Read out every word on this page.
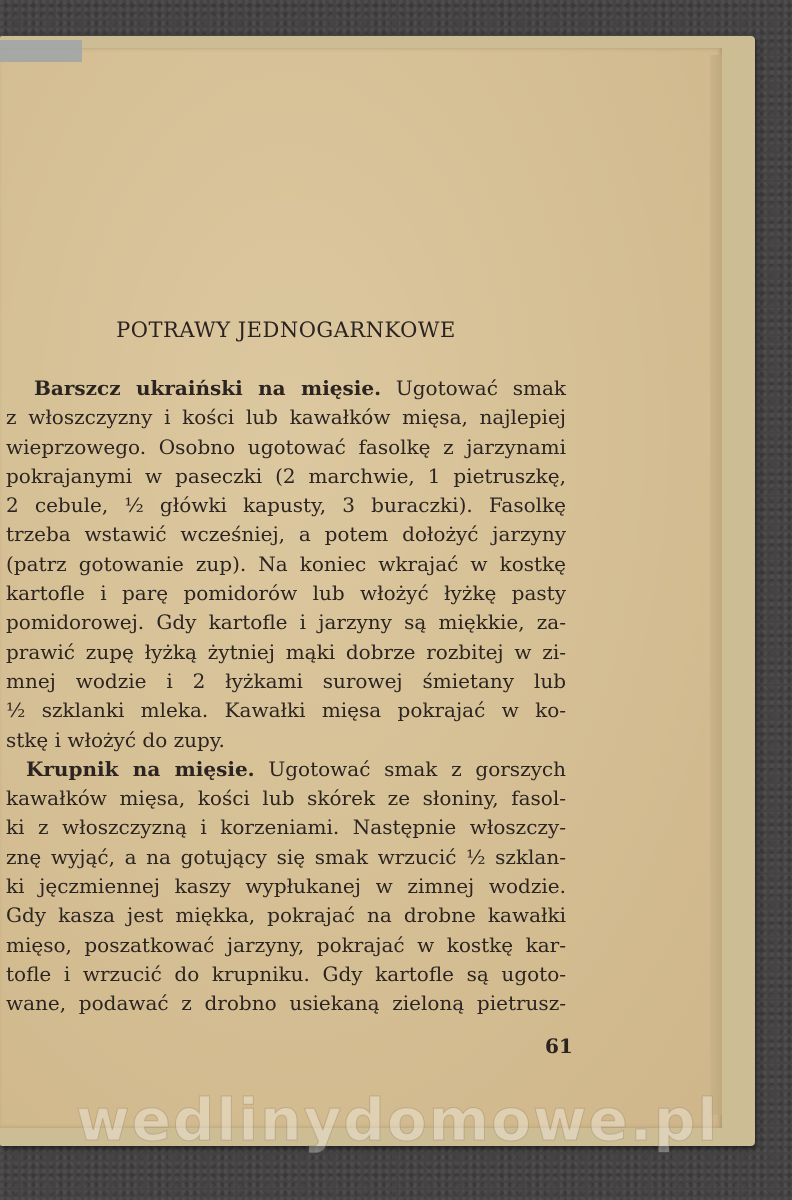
POTRAWY JEDNOGARNKOWE
Barszcz ukraiński na mięsie. Ugotować smak
z włoszczyzny i kości lub kawałków mięsa, najlepiej
wieprzowego. Osobno ugotować fasolkę z jarzynami
pokrajanymi w paseczki (2 marchwie, 1 pietruszkę,
2 cebule, ½ główki kapusty, 3 buraczki). Fasolkę
trzeba wstawić wcześniej, a potem dołożyć jarzyny
(patrz gotowanie zup). Na koniec wkrajać w kostkę
kartofle i parę pomidorów lub włożyć łyżkę pasty
pomidorowej. Gdy kartofle i jarzyny są miękkie, za-
prawić zupę łyżką żytniej mąki dobrze rozbitej w zi-
mnej wodzie i 2 łyżkami surowej śmietany lub
½ szklanki mleka. Kawałki mięsa pokrajać w ko-
stkę i włożyć do zupy.
Krupnik na mięsie. Ugotować smak z gorszych
kawałków mięsa, kości lub skórek ze słoniny, fasol-
ki z włoszczyzną i korzeniami. Następnie włoszczy-
znę wyjąć, a na gotujący się smak wrzucić ½ szklan-
ki jęczmiennej kaszy wypłukanej w zimnej wodzie.
Gdy kasza jest miękka, pokrajać na drobne kawałki
mięso, poszatkować jarzyny, pokrajać w kostkę kar-
tofle i wrzucić do krupniku. Gdy kartofle są ugoto-
wane, podawać z drobno usiekaną zieloną pietrusz-
61
wedlinydomowe.pl
